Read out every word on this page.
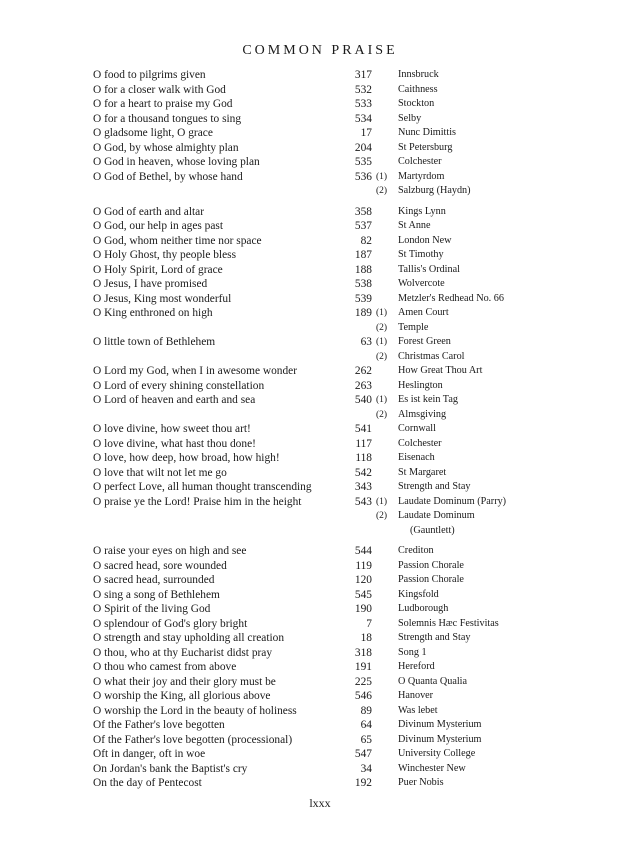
COMMON PRAISE
O food to pilgrims given	317	Innsbruck
O for a closer walk with God	532	Caithness
O for a heart to praise my God	533	Stockton
O for a thousand tongues to sing	534	Selby
O gladsome light, O grace	17	Nunc Dimittis
O God, by whose almighty plan	204	St Petersburg
O God in heaven, whose loving plan	535	Colchester
O God of Bethel, by whose hand	536 (1) Martyrdom
(2) Salzburg (Haydn)
O God of earth and altar	358	Kings Lynn
O God, our help in ages past	537	St Anne
O God, whom neither time nor space	82	London New
O Holy Ghost, thy people bless	187	St Timothy
O Holy Spirit, Lord of grace	188	Tallis's Ordinal
O Jesus, I have promised	538	Wolvercote
O Jesus, King most wonderful	539	Metzler's Redhead No. 66
O King enthroned on high	189 (1) Amen Court
(2) Temple
O little town of Bethlehem	63 (1) Forest Green
(2) Christmas Carol
O Lord my God, when I in awesome wonder	262	How Great Thou Art
O Lord of every shining constellation	263	Heslington
O Lord of heaven and earth and sea	540 (1) Es ist kein Tag
(2) Almsgiving
O love divine, how sweet thou art!	541	Cornwall
O love divine, what hast thou done!	117	Colchester
O love, how deep, how broad, how high!	118	Eisenach
O love that wilt not let me go	542	St Margaret
O perfect Love, all human thought transcending	343	Strength and Stay
O praise ye the Lord! Praise him in the height	543 (1) Laudate Dominum (Parry)
(2) Laudate Dominum
(Gauntlett)
O raise your eyes on high and see	544	Crediton
O sacred head, sore wounded	119	Passion Chorale
O sacred head, surrounded	120	Passion Chorale
O sing a song of Bethlehem	545	Kingsfold
O Spirit of the living God	190	Ludborough
O splendour of God's glory bright	7	Solemnis Hæc Festivitas
O strength and stay upholding all creation	18	Strength and Stay
O thou, who at thy Eucharist didst pray	318	Song 1
O thou who camest from above	191	Hereford
O what their joy and their glory must be	225	O Quanta Qualia
O worship the King, all glorious above	546	Hanover
O worship the Lord in the beauty of holiness	89	Was lebet
Of the Father's love begotten	64	Divinum Mysterium
Of the Father's love begotten (processional)	65	Divinum Mysterium
Oft in danger, oft in woe	547	University College
On Jordan's bank the Baptist's cry	34	Winchester New
On the day of Pentecost	192	Puer Nobis
lxxx
